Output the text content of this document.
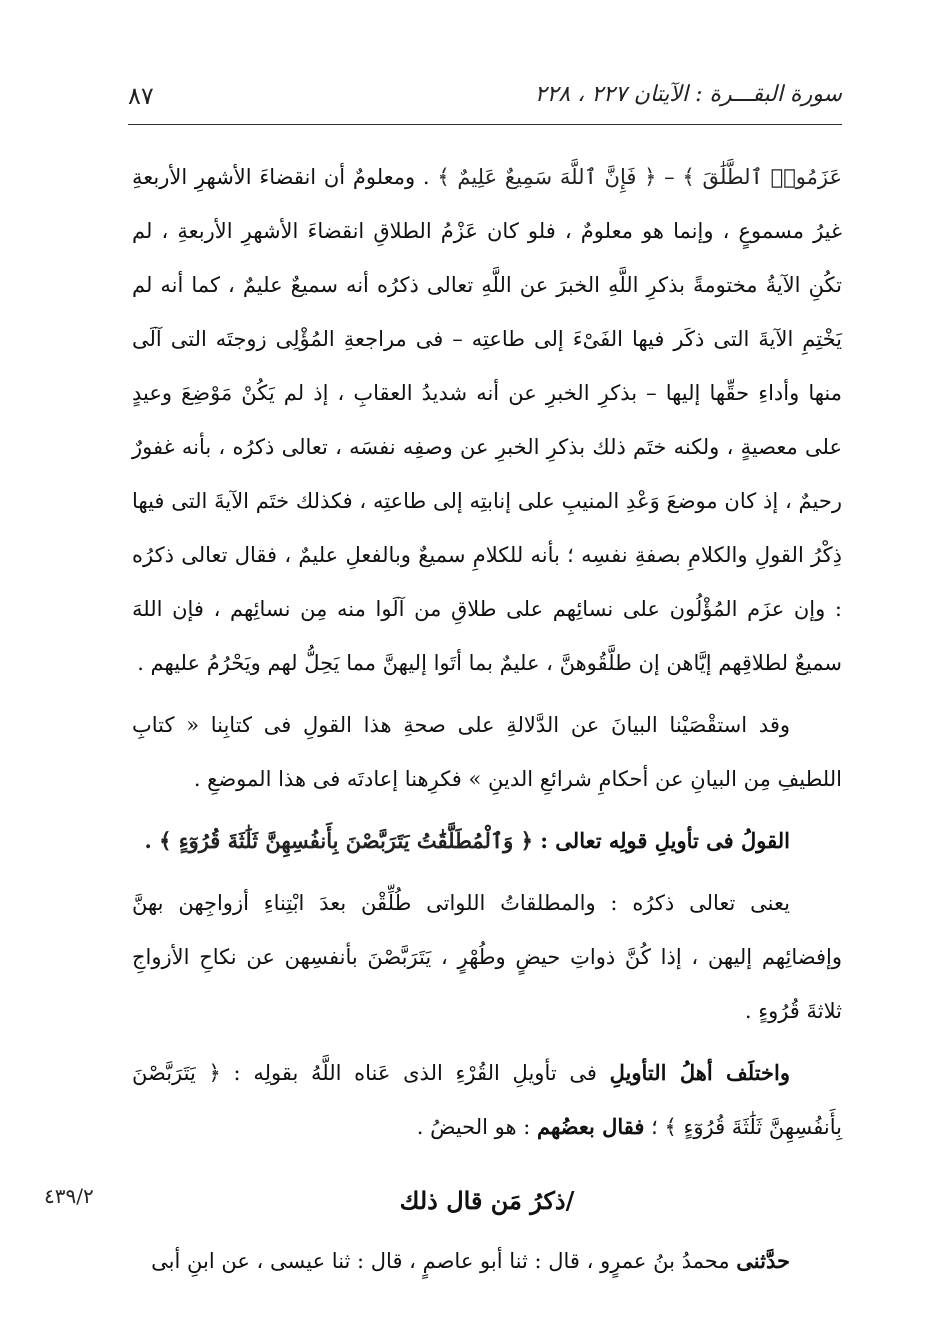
سورة البقـــرة : الآيتان ٢٢٧ ، ٢٢٨
٨٧

عَزَمُوا۟ ٱلطَّلَٰقَ ﴾ – ﴿ فَإِنَّ ٱللَّهَ سَمِيعٌ عَلِيمٌ ﴾ . ومعلومٌ أن انقضاءَ الأشهرِ الأربعةِ غيرُ مسموعٍ ، وإنما هو معلومٌ ، فلو كان عَزْمُ الطلاقِ انقضاءَ الأشهرِ الأربعةِ ، لم تكُنِ الآيةُ مختومةً بذكرِ اللَّهِ الخبرَ عن اللَّهِ تعالى ذكرُه أنه سميعٌ عليمٌ ، كما أنه لم يَخْتِمِ الآيةَ التى ذكَر فيها الفَىْءَ إلى طاعتِه – فى مراجعةِ المُؤْلِى زوجتَه التى آلَى منها وأداءِ حقِّها إليها – بذكرِ الخبرِ عن أنه شديدُ العقابِ ، إذ لم يَكُنْ مَوْضِعَ وعيدٍ على معصيةٍ ، ولكنه ختَم ذلك بذكرِ الخبرِ عن وصفِه نفسَه ، تعالى ذكرُه ، بأنه غفورٌ رحيمٌ ، إذ كان موضعَ وَعْدِ المنيبِ على إنابتِه إلى طاعتِه ، فكذلك ختَم الآيةَ التى فيها ذِكْرُ القولِ والكلامِ بصفةِ نفسِه ؛ بأنه للكلامِ سميعٌ وبالفعلِ عليمٌ ، فقال تعالى ذكرُه : وإن عزَم المُؤْلُون على نسائِهم على طلاقِ من آلَوا منه مِن نسائِهم ، فإن اللهَ سميعٌ لطلاقِهم إيَّاهن إن طلَّقُوهنَّ ، عليمٌ بما أتَوا إليهنَّ مما يَحِلُّ لهم ويَحْرُمُ عليهم .

وقد استقْصَيْنا البيانَ عن الدَّلالةِ على صحةِ هذا القولِ فى كتابِنا « كتابِ اللطيفِ مِن البيانِ عن أحكامِ شرائعِ الدينِ » فكرِهنا إعادتَه فى هذا الموضعِ .

القولُ فى تأويلِ قولِه تعالى : ﴿ وَٱلْمُطَلَّقَٰتُ يَتَرَبَّصْنَ بِأَنفُسِهِنَّ ثَلَٰثَةَ قُرُوٓءٍ ﴾ .

يعنى تعالى ذكرُه : والمطلقاتُ اللواتى طُلِّقْن بعدَ ابْتِناءِ أزواجِهن بهنَّ وإفضائِهم إليهن ، إذا كُنَّ ذواتِ حيضٍ وطُهْرٍ ، يَتَرَبَّصْنَ بأنفسِهن عن نكاحِ الأزواجِ ثلاثةَ قُرُوءٍ .

واختلَف أهلُ التأويلِ فى تأويلِ القُرْءِ الذى عَناه اللَّهُ بقولِه : ﴿ يَتَرَبَّصْنَ بِأَنفُسِهِنَّ ثَلَٰثَةَ قُرُوٓءٍ ﴾ ؛ فقال بعضُهم : هو الحيضُ .

/ذكرُ مَن قال ذلك

حدَّثنى محمدُ بنُ عمرٍو ، قال : ثنا أبو عاصمٍ ، قال : ثنا عيسى ، عن ابنِ أبى

٤٣٩/٢
